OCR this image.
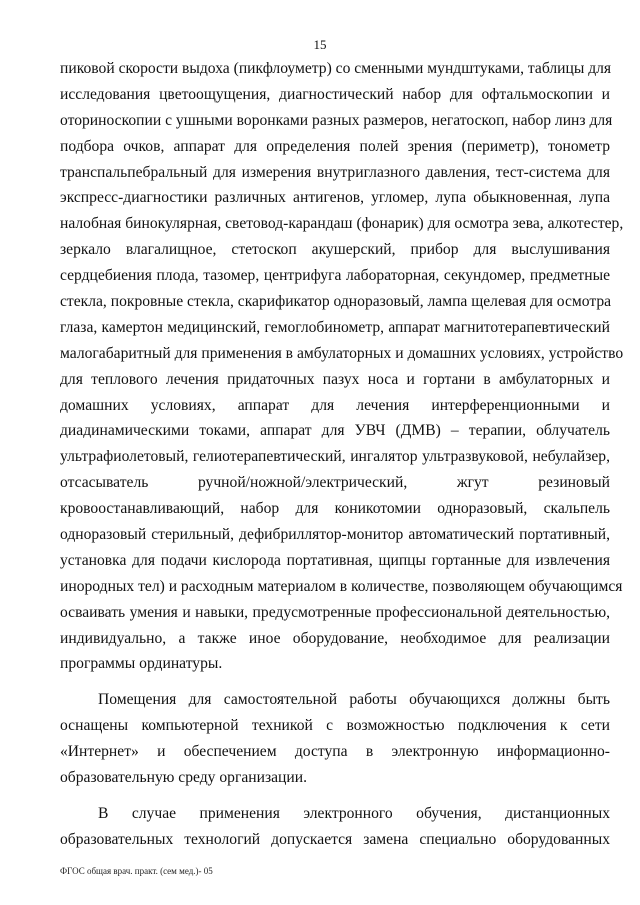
15
пиковой скорости выдоха (пикфлоуметр) со сменными мундштуками, таблицы для
исследования цветоощущения, диагностический набор для офтальмоскопии и
оториноскопии с ушными воронками разных размеров, негатоскоп, набор линз для
подбора очков, аппарат для определения полей зрения (периметр), тонометр
транспальпебральный для измерения внутриглазного давления, тест-система для
экспресс-диагностики различных антигенов, угломер, лупа обыкновенная, лупа
налобная бинокулярная, световод-карандаш (фонарик) для осмотра зева, алкотестер,
зеркало влагалищное, стетоскоп акушерский, прибор для выслушивания
сердцебиения плода, тазомер, центрифуга лабораторная, секундомер, предметные
стекла, покровные стекла, скарификатор одноразовый, лампа щелевая для осмотра
глаза, камертон медицинский, гемоглобинометр, аппарат магнитотерапевтический
малогабаритный для применения в амбулаторных и домашних условиях, устройство
для теплового лечения придаточных пазух носа и гортани в амбулаторных и
домашних условиях, аппарат для лечения интерференционными и
диадинамическими токами, аппарат для УВЧ (ДМВ) – терапии, облучатель
ультрафиолетовый, гелиотерапевтический, ингалятор ультразвуковой, небулайзер,
отсасыватель ручной/ножной/электрический, жгут резиновый
кровоостанавливающий, набор для коникотомии одноразовый, скальпель
одноразовый стерильный, дефибриллятор-монитор автоматический портативный,
установка для подачи кислорода портативная, щипцы гортанные для извлечения
инородных тел) и расходным материалом в количестве, позволяющем обучающимся
осваивать умения и навыки, предусмотренные профессиональной деятельностью,
индивидуально, а также иное оборудование, необходимое для реализации
программы ординатуры.
Помещения для самостоятельной работы обучающихся должны быть
оснащены компьютерной техникой с возможностью подключения к сети
«Интернет» и обеспечением доступа в электронную информационно-
образовательную среду организации.
В случае применения электронного обучения, дистанционных
образовательных технологий допускается замена специально оборудованных
ФГОС общая врач. практ. (сем мед.)- 05
